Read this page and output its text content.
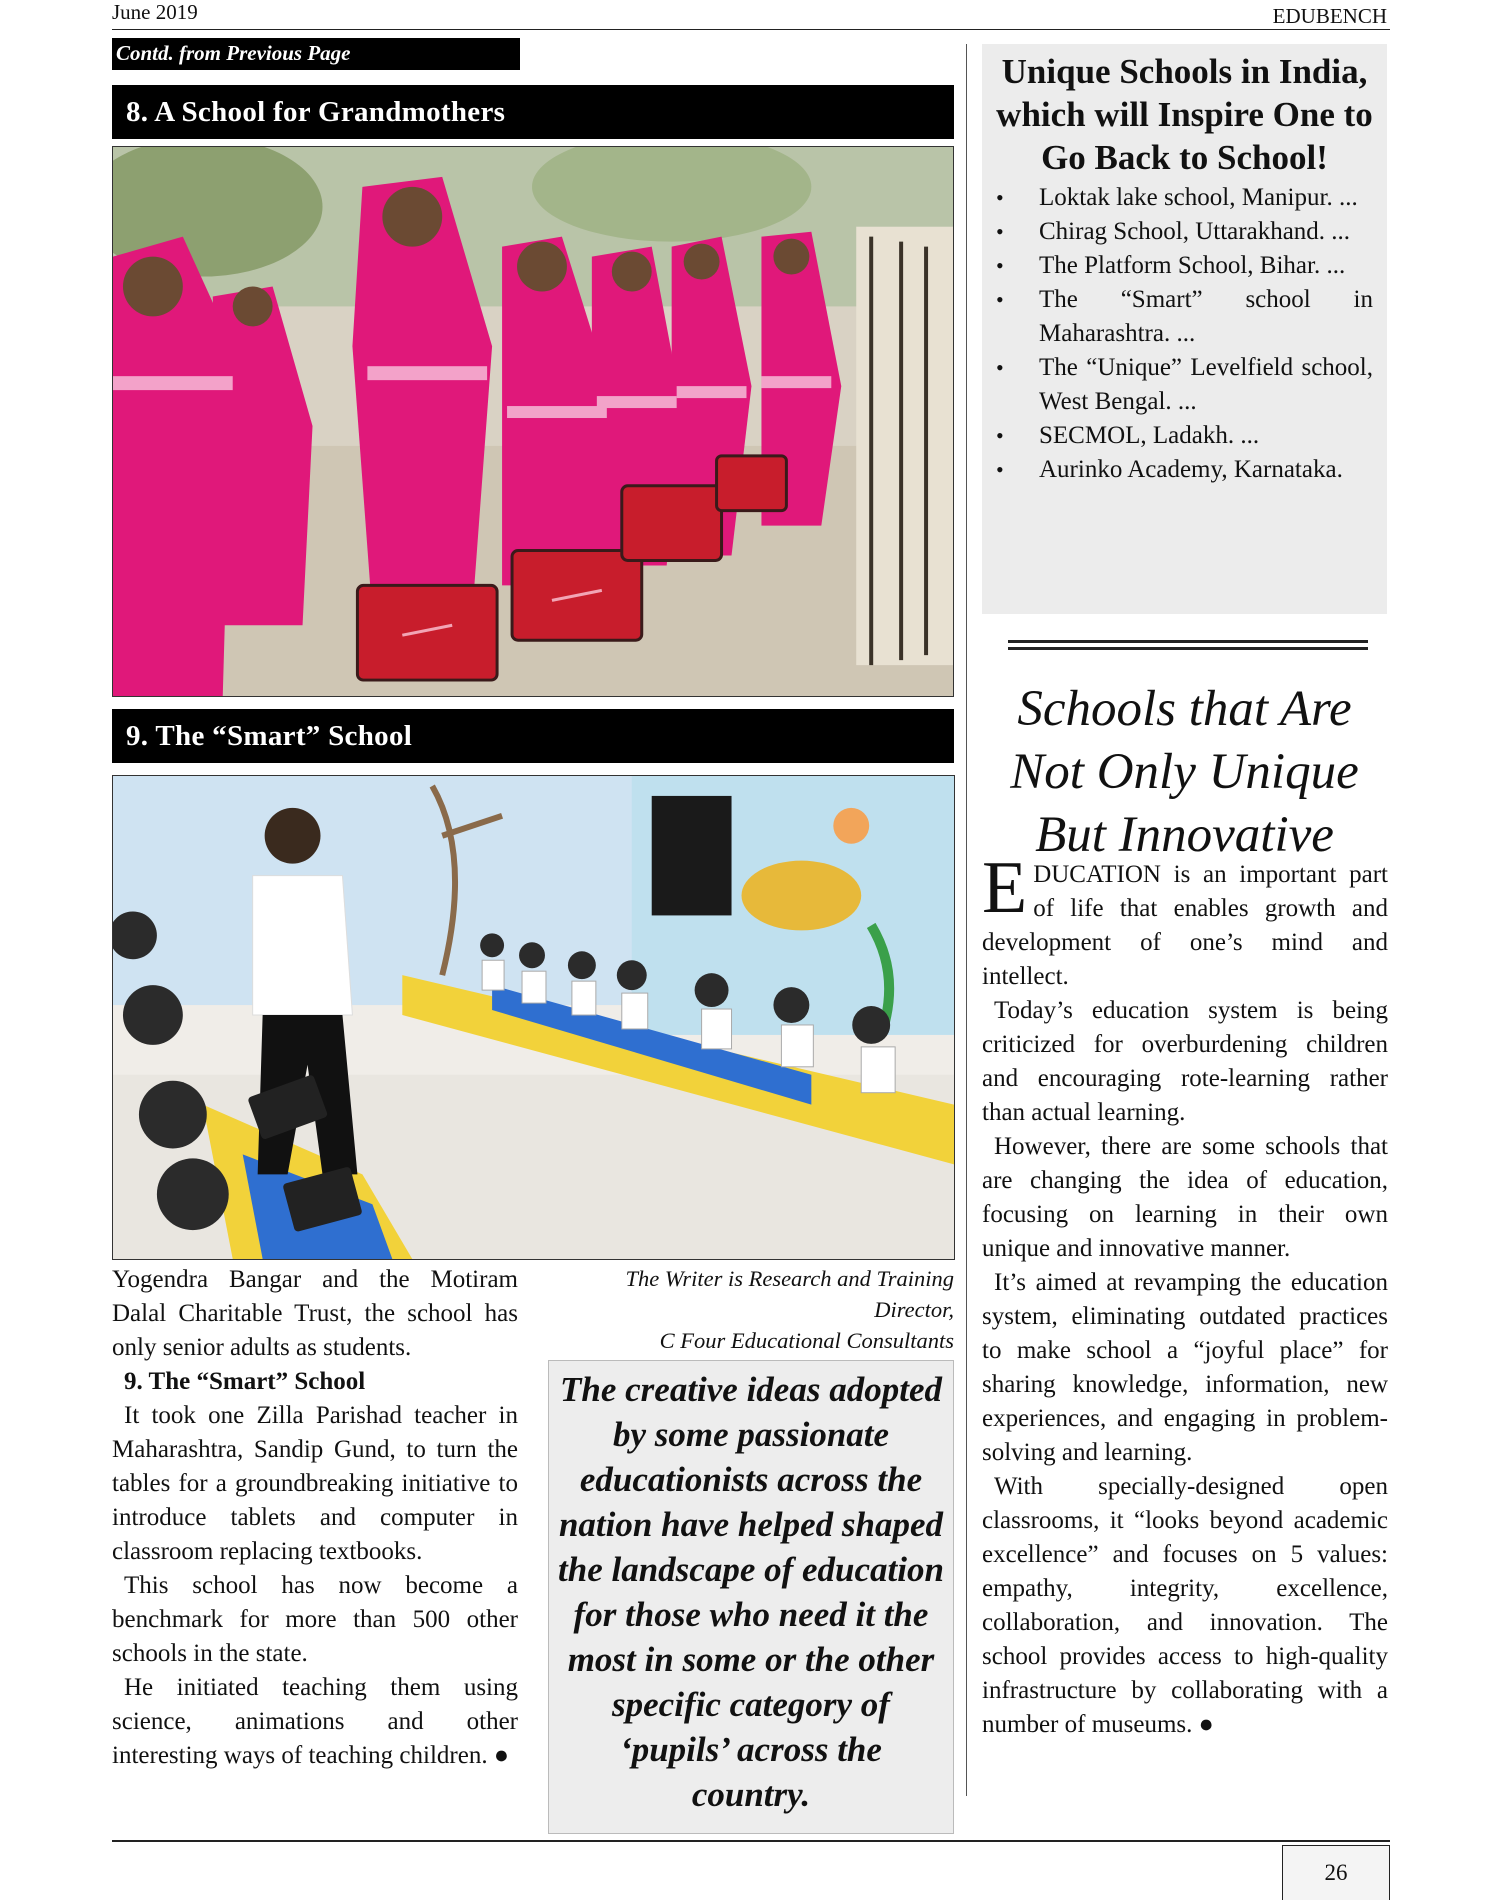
June 2019	EDUBENCH
Contd. from Previous Page
8. A School for Grandmothers
9. The “Smart” School

Yogendra Bangar and the Motiram Dalal Charitable Trust, the school has only senior adults as students.

9. The “Smart” School

It took one Zilla Parishad teacher in Maharashtra, Sandip Gund, to turn the tables for a groundbreaking initiative to introduce tablets and computer in classroom replacing textbooks.

This school has now become a benchmark for more than 500 other schools in the state.

He initiated teaching them using science, animations and other interesting ways of teaching children. ●

The Writer is Research and Training Director,
C Four Educational Consultants
The creative ideas adopted by some passionate educationists across the nation have helped shaped the landscape of education for those who need it the most in some or the other specific category of ‘pupils’ across the country.
Unique Schools in India, which will Inspire One to Go Back to School!
• Loktak lake school, Manipur. ...
• Chirag School, Uttarakhand. ...
• The Platform School, Bihar. ...
• The “Smart” school in Maharashtra. ...
• The “Unique” Levelfield school, West Bengal. ...
• SECMOL, Ladakh. ...
• Aurinko Academy, Karnataka.
Schools that Are Not Only Unique But Innovative

EDUCATION is an important part of life that enables growth and development of one’s mind and intellect.

Today’s education system is being criticized for overburdening children and encouraging rote-learning rather than actual learning.

However, there are some schools that are changing the idea of education, focusing on learning in their own unique and innovative manner.

It’s aimed at revamping the education system, eliminating outdated practices to make school a “joyful place” for sharing knowledge, information, new experiences, and engaging in problem-solving and learning.

With specially-designed open classrooms, it “looks beyond academic excellence” and focuses on 5 values: empathy, integrity, excellence, collaboration, and innovation. The school provides access to high-quality infrastructure by collaborating with a number of museums. ●

26
